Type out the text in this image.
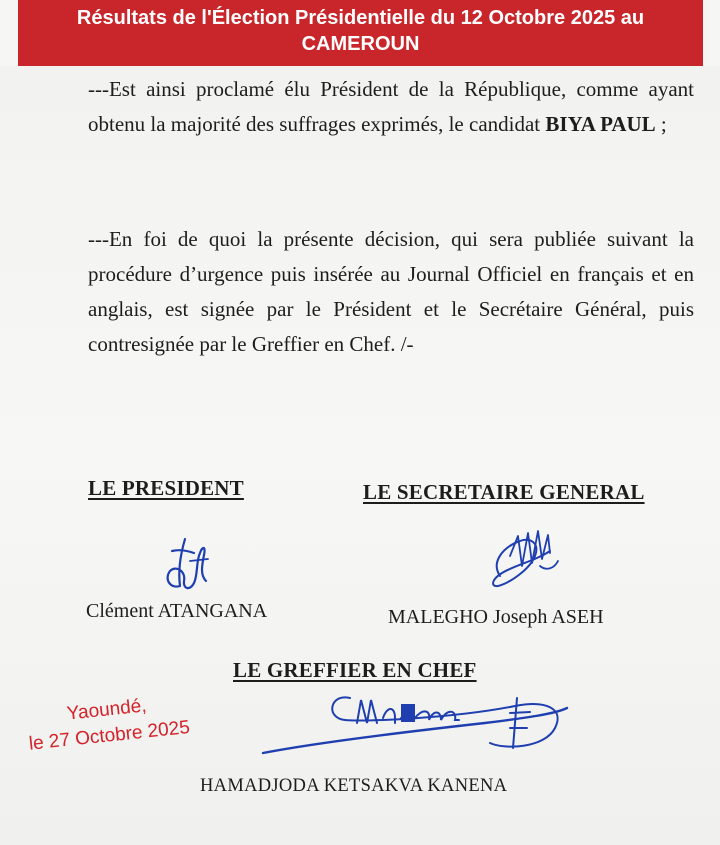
Résultats de l'Élection Présidentielle du 12 Octobre 2025 au
CAMEROUN
---Est ainsi proclamé élu Président de la République, comme ayant obtenu la majorité des suffrages exprimés, le candidat BIYA PAUL ;
---En foi de quoi la présente décision, qui sera publiée suivant la procédure d’urgence puis insérée au Journal Officiel en français et en anglais, est signée par le Président et le Secrétaire Général, puis contresignée par le Greffier en Chef. /-
LE PRESIDENT	LE SECRETAIRE GENERAL
Clément ATANGANA	MALEGHO Joseph ASEH
LE GREFFIER EN CHEF
HAMADJODA KETSAKVA KANENA
Yaoundé,
le 27 Octobre 2025
